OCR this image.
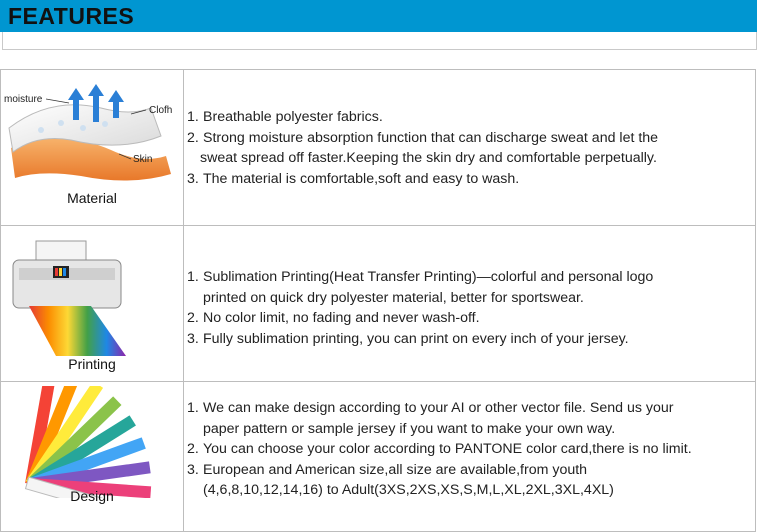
FEATURES
moisture
Clofh
Skin
Material
1. Breathable polyester fabrics.
2. Strong moisture absorption function that can discharge sweat and let the
sweat spread off faster.Keeping the skin dry and comfortable perpetually.
3. The material is comfortable,soft and easy to wash.
+
Printing
1. Sublimation Printing(Heat Transfer Printing)—colorful and personal logo
printed on quick dry polyester material, better for sportswear.
2. No color limit, no fading and never wash-off.
3. Fully sublimation printing, you can print on every inch of your jersey.
Design
1. We can make design according to your AI or other vector file. Send us your
paper pattern or sample jersey if you want to make your own way.
2. You can choose your color according to PANTONE color card,there is no limit.
3. European and American size,all size are available,from youth
(4,6,8,10,12,14,16) to Adult(3XS,2XS,XS,S,M,L,XL,2XL,3XL,4XL)
